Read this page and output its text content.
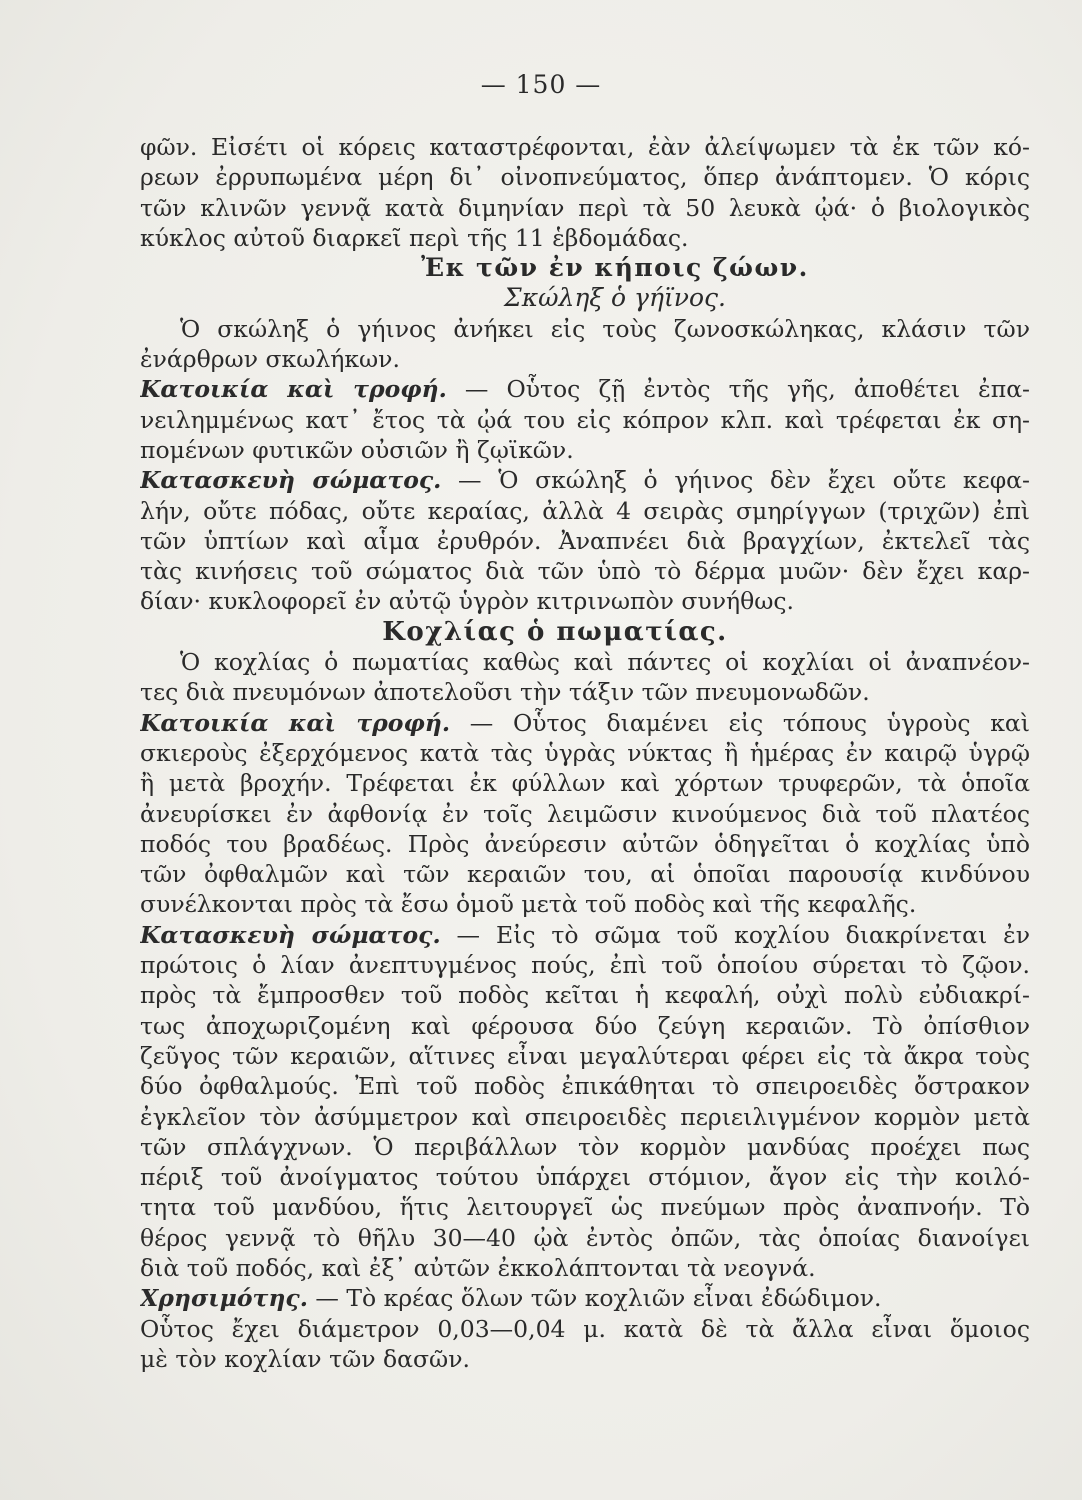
— 150 —
φῶν. Εἰσέτι οἱ κόρεις καταστρέφονται, ἐὰν ἀλείψωμεν τὰ ἐκ τῶν κό-
ρεων ἐρρυπωμένα μέρη δι᾽ οἰνοπνεύματος, ὅπερ ἀνάπτομεν. Ὁ κόρις
τῶν κλινῶν γεννᾷ κατὰ διμηνίαν περὶ τὰ 50 λευκὰ ᾠά· ὁ βιολογικὸς
κύκλος αὐτοῦ διαρκεῖ περὶ τῆς 11 ἑβδομάδας.
Ἐκ τῶν ἐν κήποις ζώων.
Σκώληξ ὁ γήϊνος.
Ὁ σκώληξ ὁ γήινος ἀνήκει εἰς τοὺς ζωνοσκώληκας, κλάσιν τῶν
ἐνάρθρων σκωλήκων.
Κατοικία καὶ τροφή. — Οὗτος ζῇ ἐντὸς τῆς γῆς, ἀποθέτει ἐπα-
νειλημμένως κατ᾽ ἔτος τὰ ᾠά του εἰς κόπρον κλπ. καὶ τρέφεται ἐκ ση-
πομένων φυτικῶν οὐσιῶν ἢ ζῳϊκῶν.
Κατασκευὴ σώματος. — Ὁ σκώληξ ὁ γήινος δὲν ἔχει οὔτε κεφα-
λήν, οὔτε πόδας, οὔτε κεραίας, ἀλλὰ 4 σειρὰς σμηρίγγων (τριχῶν) ἐπὶ
τῶν ὑπτίων καὶ αἷμα ἐρυθρόν. Ἀναπνέει διὰ βραγχίων, ἐκτελεῖ τὰς
τὰς κινήσεις τοῦ σώματος διὰ τῶν ὑπὸ τὸ δέρμα μυῶν· δὲν ἔχει καρ-
δίαν· κυκλοφορεῖ ἐν αὐτῷ ὑγρὸν κιτρινωπὸν συνήθως.
Κοχλίας ὁ πωματίας.
Ὁ κοχλίας ὁ πωματίας καθὼς καὶ πάντες οἱ κοχλίαι οἱ ἀναπνέον-
τες διὰ πνευμόνων ἀποτελοῦσι τὴν τάξιν τῶν πνευμονωδῶν.
Κατοικία καὶ τροφή. — Οὗτος διαμένει εἰς τόπους ὑγροὺς καὶ
σκιεροὺς ἐξερχόμενος κατὰ τὰς ὑγρὰς νύκτας ἢ ἡμέρας ἐν καιρῷ ὑγρῷ
ἢ μετὰ βροχήν. Τρέφεται ἐκ φύλλων καὶ χόρτων τρυφερῶν, τὰ ὁποῖα
ἀνευρίσκει ἐν ἀφθονίᾳ ἐν τοῖς λειμῶσιν κινούμενος διὰ τοῦ πλατέος
ποδός του βραδέως. Πρὸς ἀνεύρεσιν αὐτῶν ὁδηγεῖται ὁ κοχλίας ὑπὸ
τῶν ὀφθαλμῶν καὶ τῶν κεραιῶν του, αἱ ὁποῖαι παρουσίᾳ κινδύνου
συνέλκονται πρὸς τὰ ἔσω ὁμοῦ μετὰ τοῦ ποδὸς καὶ τῆς κεφαλῆς.
Κατασκευὴ σώματος. — Εἰς τὸ σῶμα τοῦ κοχλίου διακρίνεται ἐν
πρώτοις ὁ λίαν ἀνεπτυγμένος πούς, ἐπὶ τοῦ ὁποίου σύρεται τὸ ζῷον.
πρὸς τὰ ἔμπροσθεν τοῦ ποδὸς κεῖται ἡ κεφαλή, οὐχὶ πολὺ εὐδιακρί-
τως ἀποχωριζομένη καὶ φέρουσα δύο ζεύγη κεραιῶν. Τὸ ὀπίσθιον
ζεῦγος τῶν κεραιῶν, αἵτινες εἶναι μεγαλύτεραι φέρει εἰς τὰ ἄκρα τοὺς
δύο ὀφθαλμούς. Ἐπὶ τοῦ ποδὸς ἐπικάθηται τὸ σπειροειδὲς ὄστρακον
ἐγκλεῖον τὸν ἀσύμμετρον καὶ σπειροειδὲς περιειλιγμένον κορμὸν μετὰ
τῶν σπλάγχνων. Ὁ περιβάλλων τὸν κορμὸν μανδύας προέχει πως
πέριξ τοῦ ἀνοίγματος τούτου ὑπάρχει στόμιον, ἄγον εἰς τὴν κοιλό-
τητα τοῦ μανδύου, ἥτις λειτουργεῖ ὡς πνεύμων πρὸς ἀναπνοήν. Τὸ
θέρος γεννᾷ τὸ θῆλυ 30—40 ᾠὰ ἐντὸς ὀπῶν, τὰς ὁποίας διανοίγει
διὰ τοῦ ποδός, καὶ ἐξ᾽ αὐτῶν ἐκκολάπτονται τὰ νεογνά.
Χρησιμότης. — Τὸ κρέας ὅλων τῶν κοχλιῶν εἶναι ἐδώδιμον.
Οὗτος ἔχει διάμετρον 0,03—0,04 μ. κατὰ δὲ τὰ ἄλλα εἶναι ὅμοιος
μὲ τὸν κοχλίαν τῶν δασῶν.
